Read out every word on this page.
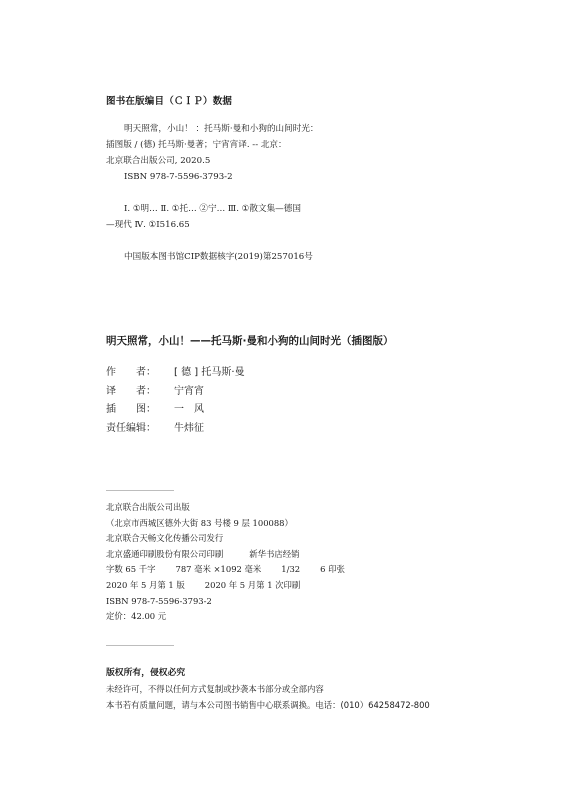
图书在版编目（ＣＩＰ）数据
明天照常，小山！ ：托马斯·曼和小狗的山间时光：
插图版 / (德) 托马斯·曼著；宁宵宵译. -- 北京：
北京联合出版公司, 2020.5
ISBN 978-7-5596-3793-2
Ⅰ. ①明… Ⅱ. ①托… ②宁… Ⅲ. ①散文集—德国
—现代 Ⅳ. ①I516.65
中国版本图书馆CIP数据核字(2019)第257016号
明天照常，小山！——托马斯·曼和小狗的山间时光（插图版）
作　　者： [ 德 ] 托马斯·曼
译　　者： 宁宵宵
插　　图： 一　风
责任编辑： 牛炜征
北京联合出版公司出版
（北京市西城区德外大街 83 号楼 9 层 100088）
北京联合天畅文化传播公司发行
北京盛通印刷股份有限公司印刷	新华书店经销
字数 65 千字 787 毫米 ×1092 毫米 1/32 6 印张
2020 年 5 月第 1 版 2020 年 5 月第 1 次印刷
ISBN 978-7-5596-3793-2
定价：42.00 元
版权所有，侵权必究
未经许可，不得以任何方式复制或抄袭本书部分或全部内容
本书若有质量问题，请与本公司图书销售中心联系调换。电话：(010）64258472-800
